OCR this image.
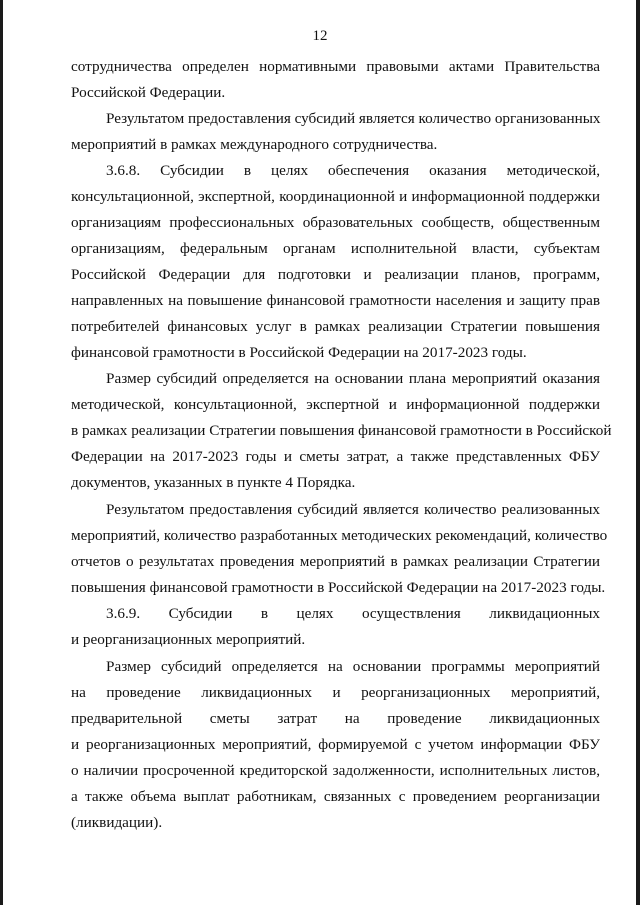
12
сотрудничества определен нормативными правовыми актами Правительства
Российской Федерации.
Результатом предоставления субсидий является количество организованных
мероприятий в рамках международного сотрудничества.
3.6.8. Субсидии в целях обеспечения оказания методической,
консультационной, экспертной, координационной и информационной поддержки
организациям профессиональных образовательных сообществ, общественным
организациям, федеральным органам исполнительной власти, субъектам
Российской Федерации для подготовки и реализации планов, программ,
направленных на повышение финансовой грамотности населения и защиту прав
потребителей финансовых услуг в рамках реализации Стратегии повышения
финансовой грамотности в Российской Федерации на 2017-2023 годы.
Размер субсидий определяется на основании плана мероприятий оказания
методической, консультационной, экспертной и информационной поддержки
в рамках реализации Стратегии повышения финансовой грамотности в Российской
Федерации на 2017-2023 годы и сметы затрат, а также представленных ФБУ
документов, указанных в пункте 4 Порядка.
Результатом предоставления субсидий является количество реализованных
мероприятий, количество разработанных методических рекомендаций, количество
отчетов о результатах проведения мероприятий в рамках реализации Стратегии
повышения финансовой грамотности в Российской Федерации на 2017-2023 годы.
3.6.9. Субсидии в целях осуществления ликвидационных
и реорганизационных мероприятий.
Размер субсидий определяется на основании программы мероприятий
на проведение ликвидационных и реорганизационных мероприятий,
предварительной сметы затрат на проведение ликвидационных
и реорганизационных мероприятий, формируемой с учетом информации ФБУ
о наличии просроченной кредиторской задолженности, исполнительных листов,
а также объема выплат работникам, связанных с проведением реорганизации
(ликвидации).
